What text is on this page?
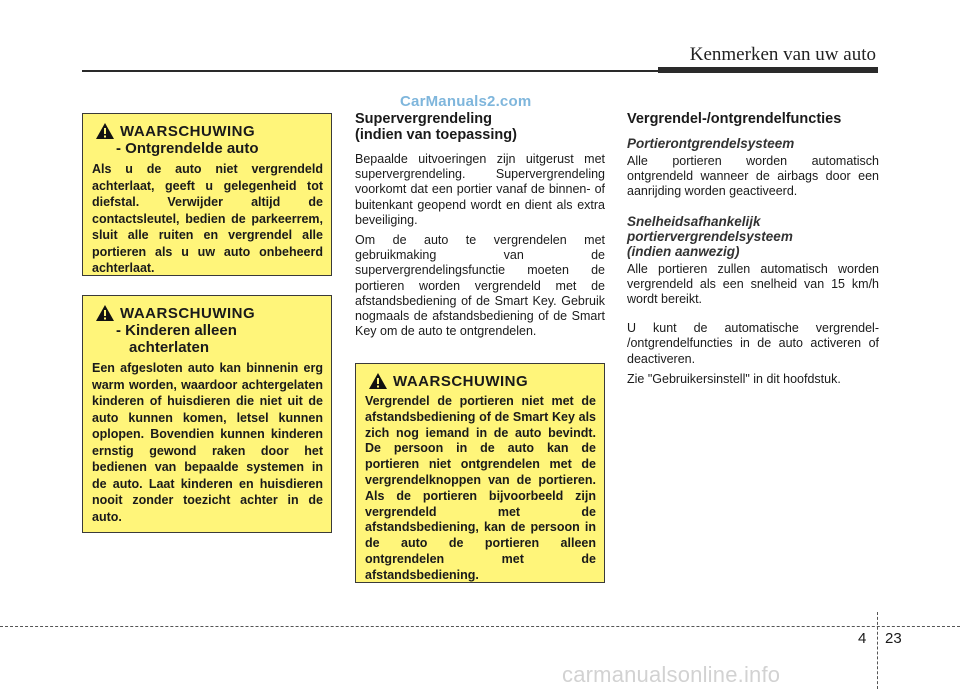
Kenmerken van uw auto
CarManuals2.com
WAARSCHUWING
- Ontgrendelde auto
Als u de auto niet vergrendeld achterlaat, geeft u gelegenheid tot diefstal. Verwijder altijd de contactsleutel, bedien de parkeerrem, sluit alle ruiten en vergrendel alle portieren als u uw auto onbeheerd achterlaat.
WAARSCHUWING
- Kinderen alleen
achterlaten
Een afgesloten auto kan binnenin erg warm worden, waardoor achtergelaten kinderen of huisdieren die niet uit de auto kunnen komen, letsel kunnen oplopen. Bovendien kunnen kinderen ernstig gewond raken door het bedienen van bepaalde systemen in de auto. Laat kinderen en huisdieren nooit zonder toezicht achter in de auto.
Supervergrendeling
(indien van toepassing)

Bepaalde uitvoeringen zijn uitgerust met supervergrendeling. Supervergrendeling voorkomt dat een portier vanaf de binnen- of buitenkant geopend wordt en dient als extra beveiliging.

Om de auto te vergrendelen met gebruikmaking van de supervergrendelingsfunctie moeten de portieren worden vergrendeld met de afstandsbediening of de Smart Key. Gebruik nogmaals de afstandsbediening of de Smart Key om de auto te ontgrendelen.

WAARSCHUWING
Vergrendel de portieren niet met de afstandsbediening of de Smart Key als zich nog iemand in de auto bevindt. De persoon in de auto kan de portieren niet ontgrendelen met de vergrendelknoppen van de portieren. Als de portieren bijvoorbeeld zijn vergrendeld met de afstandsbediening, kan de persoon in de auto de portieren alleen ontgrendelen met de afstandsbediening.
Vergrendel-/ontgrendelfuncties
Portierontgrendelsysteem

Alle portieren worden automatisch ontgrendeld wanneer de airbags door een aanrijding worden geactiveerd.

Snelheidsafhankelijk
portiervergrendelsysteem
(indien aanwezig)

Alle portieren zullen automatisch worden vergrendeld als een snelheid van 15 km/h wordt bereikt.

U kunt de automatische vergrendel- /ontgrendelfuncties in de auto activeren of deactiveren.

Zie "Gebruikersinstell" in dit hoofdstuk.

4 23
carmanualsonline.info
